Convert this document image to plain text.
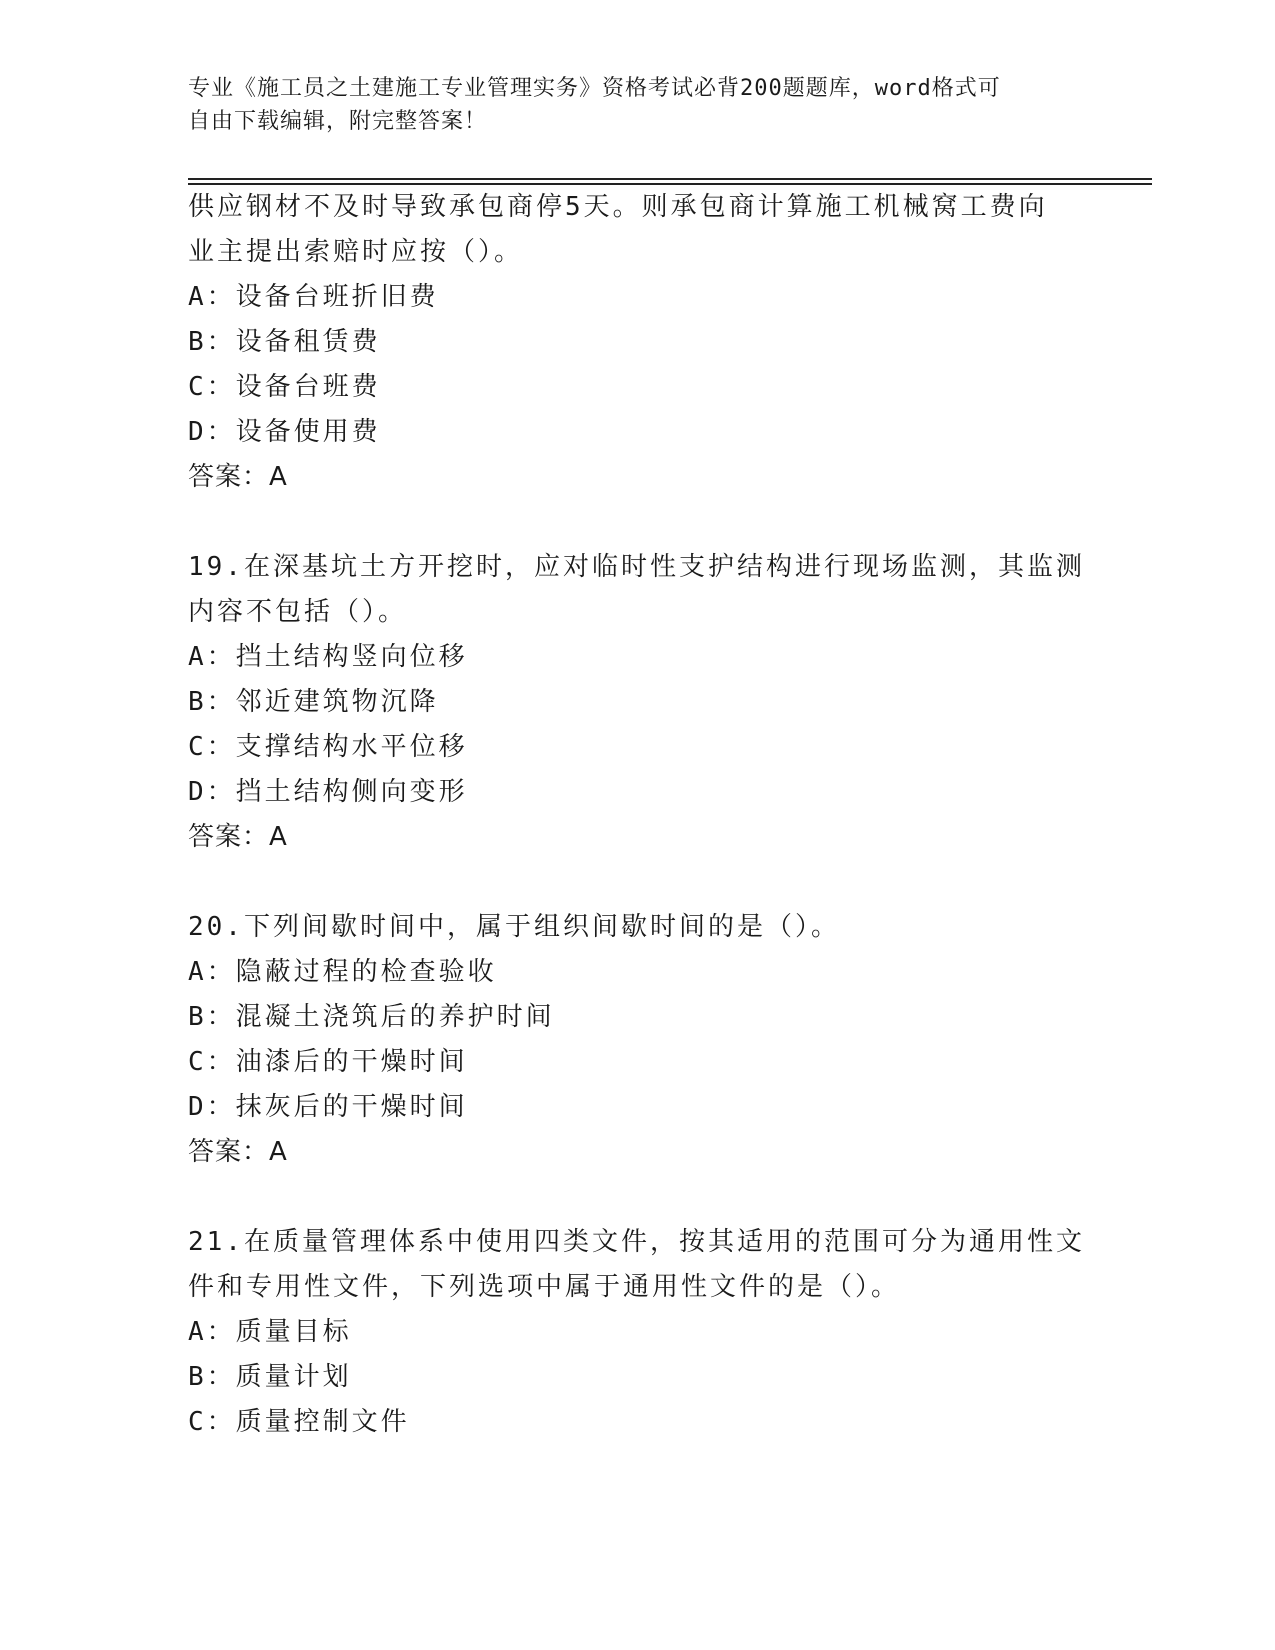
专业《施工员之土建施工专业管理实务》资格考试必背200题题库，word格式可
自由下载编辑，附完整答案！
供应钢材不及时导致承包商停5天。则承包商计算施工机械窝工费向
业主提出索赔时应按（）。
A：设备台班折旧费
B：设备租赁费
C：设备台班费
D：设备使用费
答案：A
19.在深基坑土方开挖时，应对临时性支护结构进行现场监测，其监测
内容不包括（）。
A：挡土结构竖向位移
B：邻近建筑物沉降
C：支撑结构水平位移
D：挡土结构侧向变形
答案：A
20.下列间歇时间中，属于组织间歇时间的是（）。
A：隐蔽过程的检查验收
B：混凝土浇筑后的养护时间
C：油漆后的干燥时间
D：抹灰后的干燥时间
答案：A
21.在质量管理体系中使用四类文件，按其适用的范围可分为通用性文
件和专用性文件，下列选项中属于通用性文件的是（）。
A：质量目标
B：质量计划
C：质量控制文件
